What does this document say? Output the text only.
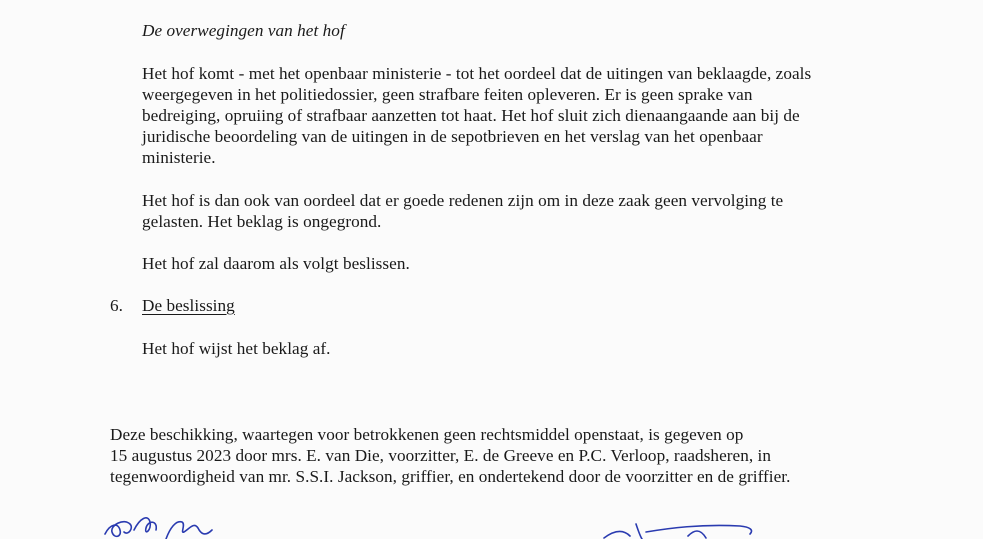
De overwegingen van het hof
Het hof komt - met het openbaar ministerie - tot het oordeel dat de uitingen van beklaagde, zoals
weergegeven in het politiedossier, geen strafbare feiten opleveren. Er is geen sprake van
bedreiging, opruiing of strafbaar aanzetten tot haat. Het hof sluit zich dienaangaande aan bij de
juridische beoordeling van de uitingen in de sepotbrieven en het verslag van het openbaar
ministerie.
Het hof is dan ook van oordeel dat er goede redenen zijn om in deze zaak geen vervolging te
gelasten. Het beklag is ongegrond.
Het hof zal daarom als volgt beslissen.
6. De beslissing
Het hof wijst het beklag af.
Deze beschikking, waartegen voor betrokkenen geen rechtsmiddel openstaat, is gegeven op
15 augustus 2023 door mrs. E. van Die, voorzitter, E. de Greeve en P.C. Verloop, raadsheren, in
tegenwoordigheid van mr. S.S.I. Jackson, griffier, en ondertekend door de voorzitter en de griffier.
